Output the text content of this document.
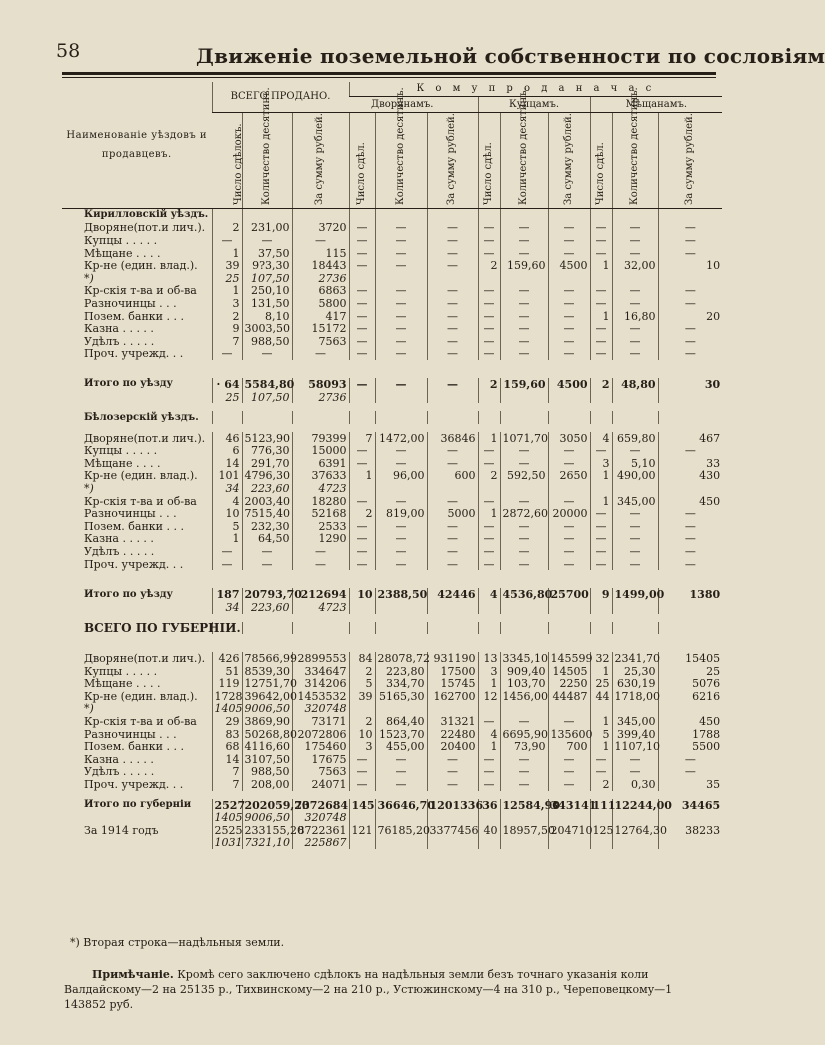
58	Движеніе поземельной собственности по сословіям
Наименованіе уѣздовъ и продавцевъ.	ВСЕГО ПРОДАНО.			К о м у п р о д а н а ч а с								
				Дворянамъ.			Купцамъ.			Мѣщанамъ.		
	Число сдѣлокъ.	Количество десятинъ.	За сумму рублей.	Число сдѣл.	Количество десятинъ.	За сумму рублей.	Число сдѣл.	Количество десятинъ.	За сумму рублей.	Число сдѣл.	Количество десятинъ.	За сумму рублей.
Кирилловскій уѣздъ.												
Дворяне(пот.и лич.).	2	231,00	3720	—	—	—	—	—	—	—	—	—
Купцы . . . . .	—	—	—	—	—	—	—	—	—	—	—	—
Мѣщане . . . .	1	37,50	115	—	—	—	—	—	—	—	—	—
Кр-не (един. влад.).	39	9?3,30	18443	—	—	—	2	159,60	4500	1	32,00	10
*)	25	107,50	2736									
Кр-скія т-ва и об-ва	1	250,10	6863	—	—	—	—	—	—	—	—	—
Разночинцы . . .	3	131,50	5800	—	—	—	—	—	—	—	—	—
Позем. банки . . .	2	8,10	417	—	—	—	—	—	—	1	16,80	20
Казна . . . . .	9	3003,50	15172	—	—	—	—	—	—	—	—	—
Удѣлъ . . . . .	7	988,50	7563	—	—	—	—	—	—	—	—	—
Проч. учрежд. . .	—	—	—	—	—	—	—	—	—	—	—	—

Итого по уѣзду	· 64	5584,80	58093	—	—	—	2	159,60	4500	2	48,80	30
	25	107,50	2736									

Бѣлозерскій уѣздъ.												

Дворяне(пот.и лич.).	46	5123,90	79399	7	1472,00	36846	1	1071,70	3050	4	659,80	467
Купцы . . . . .	6	776,30	15000	—	—	—	—	—	—	—	—	—
Мѣщане . . . .	14	291,70	6391	—	—	—	—	—	—	3	5,10	33
Кр-не (един. влад.).	101	4796,30	37633	1	96,00	600	2	592,50	2650	1	490,00	430
*)	34	223,60	4723									
Кр-скія т-ва и об-ва	4	2003,40	18280	—	—	—	—	—	—	1	345,00	450
Разночинцы . . .	10	7515,40	52168	2	819,00	5000	1	2872,60	20000	—	—	—
Позем. банки . . .	5	232,30	2533	—	—	—	—	—	—	—	—	—
Казна . . . . .	1	64,50	1290	—	—	—	—	—	—	—	—	—
Удѣлъ . . . . .	—	—	—	—	—	—	—	—	—	—	—	—
Проч. учрежд. . .	—	—	—	—	—	—	—	—	—	—	—	—

Итого по уѣзду	187	20793,70	212694	10	2388,50	42446	4	4536,80	25700	9	1499,00	1380
	34	223,60	4723									

ВСЕГО ПО ГУБЕРНІИ.												

Дворяне(пот.и лич.).	426	78566,99	2899553	84	28078,72	931190	13	3345,10	145599	32	2341,70	15405
Купцы . . . . .	51	8539,30	334647	2	223,80	17500	3	909,40	14505	1	25,30	25
Мѣщане . . . .	119	12751,70	314206	5	334,70	15745	1	103,70	2250	25	630,19	5076
Кр-не (един. влад.).	1728	39642,00	1453532	39	5165,30	162700	12	1456,00	44487	44	1718,00	6216
*)	1405	9006,50	320748									
Кр-скія т-ва и об-ва	29	3869,90	73171	2	864,40	31321	—	—	—	1	345,00	450
Разночинцы . . .	83	50268,80	2072806	10	1523,70	22480	4	6695,90	135600	5	399,40	1788
Позем. банки . . .	68	4116,60	175460	3	455,00	20400	1	73,90	700	1	1107,10	5500
Казна . . . . .	14	3107,50	17675	—	—	—	—	—	—	—	—	—
Удѣлъ . . . . .	7	988,50	7563	—	—	—	—	—	—	—	—	—
Проч. учрежд. . .	7	208,00	24071	—	—	—	—	—	—	2	0,30	35

Итого по губерніи	2527	202059,20	7372684	145	36646,70	1201336	36	12584,90	343141	111	12244,00	34465
	1405	9006,50	320748									
За 1914 годъ	2525	233155,20	8722361	121	76185,20	3377456	40	18957,50	204710	125	12764,30	38233
	1031	7321,10	225867									
*) Вторая строка—надѣльныя земли.
Примѣчаніе. Кромѣ сего заключено сдѣлокъ на надѣльныя земли безъ точнаго указанія коли Валдайскому—2 на 25135 р., Тихвинскому—2 на 210 р., Устюжинскому—4 на 310 р., Череповецкому—1 143852 руб.
